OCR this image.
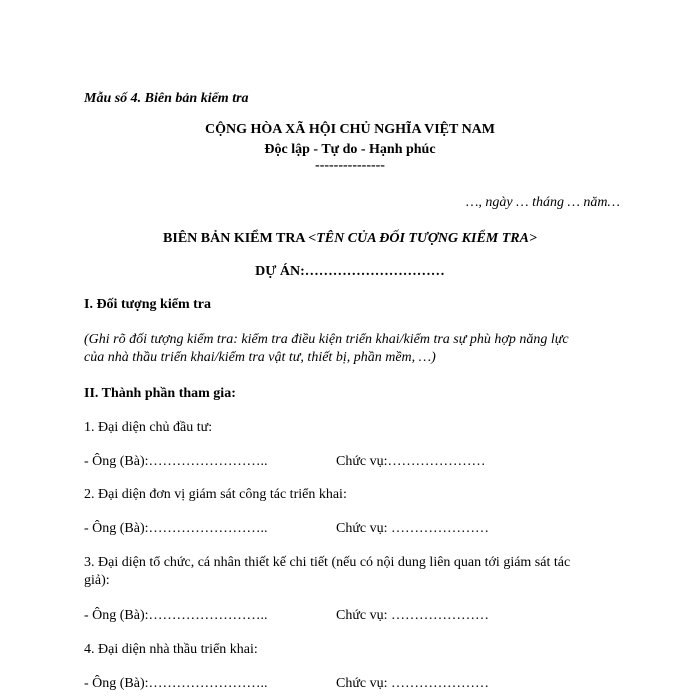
Mẫu số 4. Biên bản kiểm tra
CỘNG HÒA XÃ HỘI CHỦ NGHĨA VIỆT NAM
Độc lập - Tự do - Hạnh phúc
---------------
…, ngày … tháng … năm…
BIÊN BẢN KIỂM TRA <TÊN CỦA ĐỐI TƯỢNG KIỂM TRA>
DỰ ÁN:…………………………
I. Đối tượng kiểm tra
(Ghi rõ đối tượng kiểm tra: kiểm tra điều kiện triển khai/kiểm tra sự phù hợp năng lực
của nhà thầu triển khai/kiểm tra vật tư, thiết bị, phần mềm, …)
II. Thành phần tham gia:
1. Đại diện chủ đầu tư:
- Ông (Bà):……………………..	Chức vụ:…………………
2. Đại diện đơn vị giám sát công tác triển khai:
- Ông (Bà):……………………..	Chức vụ: …………………
3. Đại diện tổ chức, cá nhân thiết kế chi tiết (nếu có nội dung liên quan tới giám sát tác
giả):
- Ông (Bà):……………………..	Chức vụ: …………………
4. Đại diện nhà thầu triển khai:
- Ông (Bà):……………………..	Chức vụ: …………………
